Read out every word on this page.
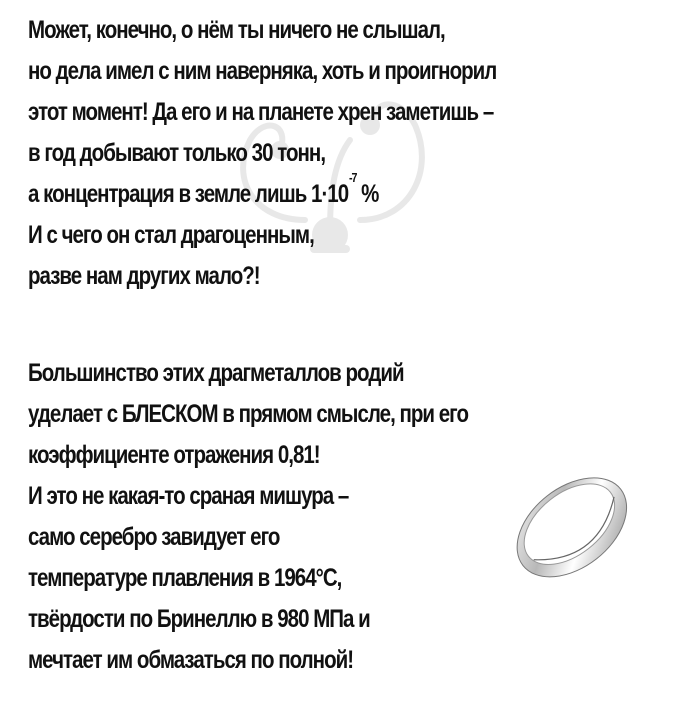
Может, конечно, о нём ты ничего не слышал,
но дела имел с ним наверняка, хоть и проигнорил
этот момент! Да его и на планете хрен заметишь –
в год добывают только 30 тонн,
а концентрация в земле лишь $1\cdot 10^{-7}$ %
И с чего он стал драгоценным,
разве нам других мало?!
Большинство этих драгметаллов родий
уделает с БЛЕСКОМ в прямом смысле, при его
коэффициенте отражения 0,81!
И это не какая-то сраная мишура –
само серебро завидует его
температуре плавления в 1964°С,
твёрдости по Бринеллю в 980 МПа и
мечтает им обмазаться по полной!
